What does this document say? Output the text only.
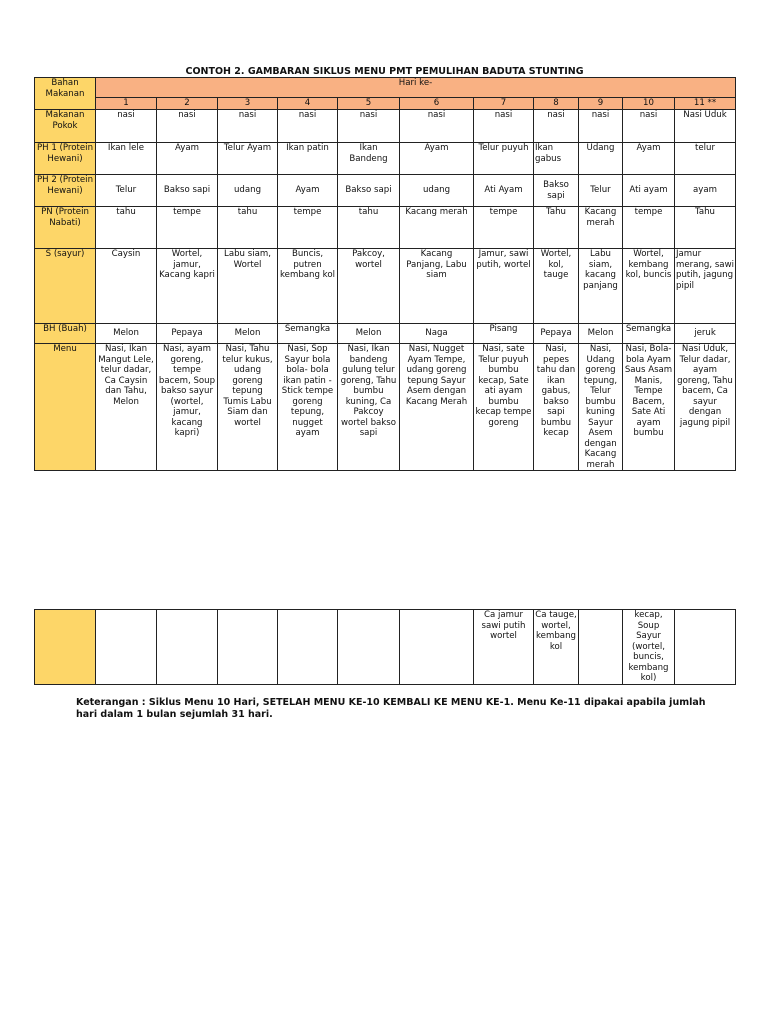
CONTOH 2. GAMBARAN SIKLUS MENU PMT PEMULIHAN BADUTA STUNTING
Bahan Makanan	Hari ke-										
	1	2	3	4	5	6	7	8	9	10	11 **
Makanan Pokok	nasi	nasi	nasi	nasi	nasi	nasi	nasi	nasi	nasi	nasi	Nasi Uduk
PH 1 (Protein Hewani)	Ikan lele	Ayam	Telur Ayam	Ikan patin	Ikan Bandeng	Ayam	Telur puyuh	Ikan gabus	Udang	Ayam	telur
PH 2 (Protein Hewani)	Telur	Bakso sapi	udang	Ayam	Bakso sapi	udang	Ati Ayam	Bakso sapi	Telur	Ati ayam	ayam
PN (Protein Nabati)	tahu	tempe	tahu	tempe	tahu	Kacang merah	tempe	Tahu	Kacang merah	tempe	Tahu
S (sayur)	Caysin	Wortel, jamur, Kacang kapri	Labu siam, Wortel	Buncis, putren kembang kol	Pakcoy, wortel	Kacang Panjang, Labu siam	Jamur, sawi putih, wortel	Wortel, kol, tauge	Labu siam, kacang panjang	Wortel, kembang kol, buncis	Jamur merang, sawi putih, jagung pipil
BH (Buah)	Melon	Pepaya	Melon	Semangka	Melon	Naga	Pisang	Pepaya	Melon	Semangka	jeruk
Menu	Nasi, Ikan Mangut Lele, telur dadar, Ca Caysin dan Tahu, Melon	Nasi, ayam goreng, tempe bacem, Soup bakso sayur (wortel, jamur, kacang kapri)	Nasi, Tahu telur kukus, udang goreng tepung Tumis Labu Siam dan wortel	Nasi, Sop Sayur bola bola- bola ikan patin -Stick tempe goreng tepung, nugget ayam	Nasi, Ikan bandeng gulung telur goreng, Tahu bumbu kuning, Ca Pakcoy wortel bakso sapi	Nasi, Nugget Ayam Tempe, udang goreng tepung Sayur Asem dengan Kacang Merah	Nasi, sate Telur puyuh bumbu kecap, Sate ati ayam bumbu kecap tempe goreng	Nasi, pepes tahu dan ikan gabus, bakso sapi bumbu kecap	Nasi, Udang goreng tepung, Telur bumbu kuning Sayur Asem dengan Kacang merah	Nasi, Bola-bola Ayam Saus Asam Manis, Tempe Bacem, Sate Ati ayam bumbu	Nasi Uduk, Telur dadar, ayam goreng, Tahu bacem, Ca sayur dengan jagung pipil
							Ca jamur sawi putih wortel	Ca tauge, wortel, kembang kol		kecap, Soup Sayur (wortel, buncis, kembang kol)	
Keterangan : Siklus Menu 10 Hari, SETELAH MENU KE-10 KEMBALI KE MENU KE-1. Menu Ke-11 dipakai apabila jumlah hari dalam 1 bulan sejumlah 31 hari.
